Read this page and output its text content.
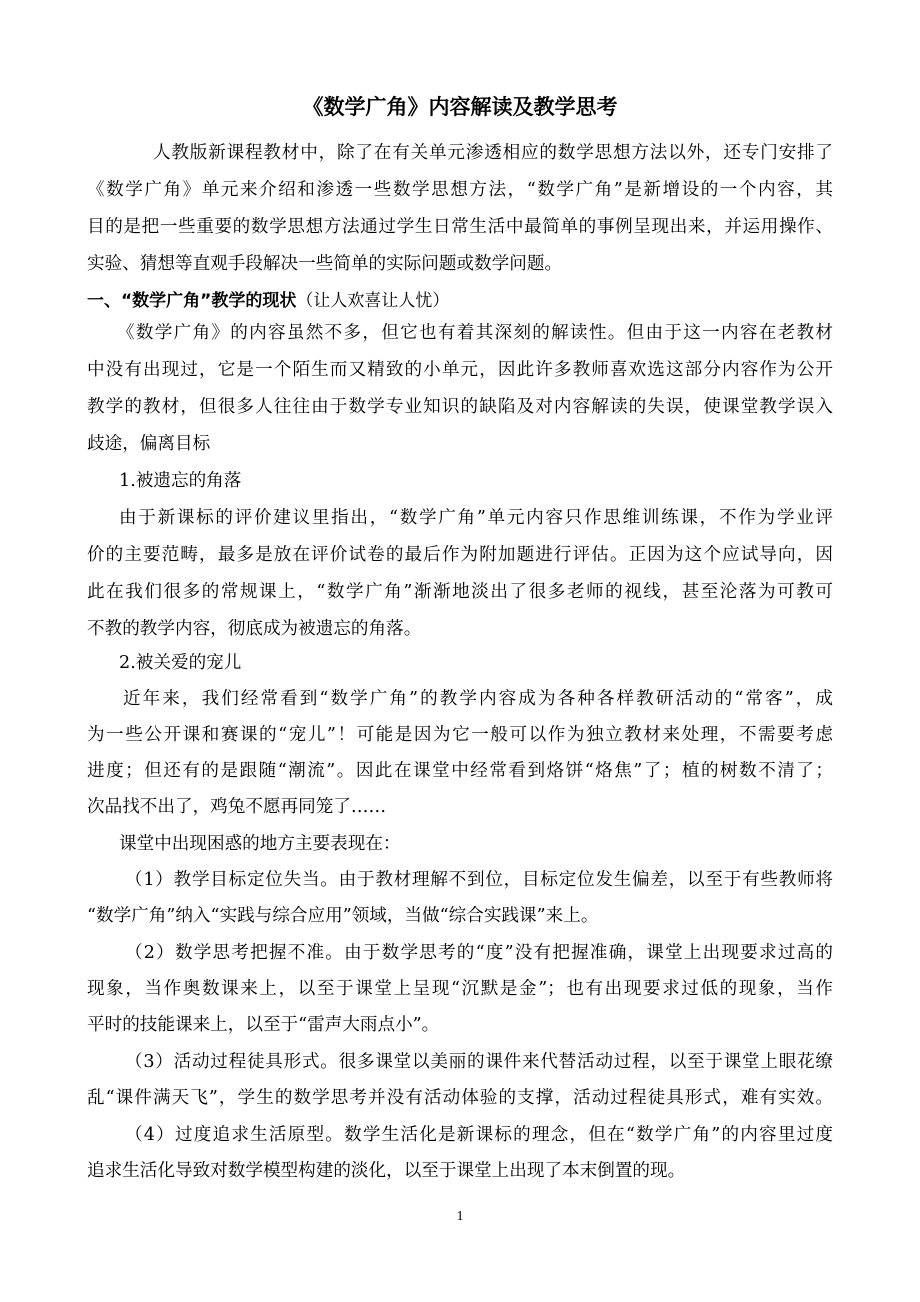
《数学广角》内容解读及教学思考

人教版新课程教材中，除了在有关单元渗透相应的数学思想方法以外，还专门安排了

《数学广角》单元来介绍和渗透一些数学思想方法，“数学广角”是新增设的一个内容，其

目的是把一些重要的数学思想方法通过学生日常生活中最简单的事例呈现出来，并运用操作、

实验、猜想等直观手段解决一些简单的实际问题或数学问题。

一、“数学广角”教学的现状（让人欢喜让人忧）

《数学广角》的内容虽然不多，但它也有着其深刻的解读性。但由于这一内容在老教材

中没有出现过，它是一个陌生而又精致的小单元，因此许多教师喜欢选这部分内容作为公开

教学的教材，但很多人往往由于数学专业知识的缺陷及对内容解读的失误，使课堂教学误入

歧途，偏离目标

1.被遗忘的角落

由于新课标的评价建议里指出，“数学广角”单元内容只作思维训练课，不作为学业评

价的主要范畴，最多是放在评价试卷的最后作为附加题进行评估。正因为这个应试导向，因

此在我们很多的常规课上，“数学广角”渐渐地淡出了很多老师的视线，甚至沦落为可教可

不教的教学内容，彻底成为被遗忘的角落。

2.被关爱的宠儿

近年来，我们经常看到“数学广角”的教学内容成为各种各样教研活动的“常客”，成

为一些公开课和赛课的“宠儿”！可能是因为它一般可以作为独立教材来处理，不需要考虑

进度；但还有的是跟随“潮流”。因此在课堂中经常看到烙饼“烙焦”了；植的树数不清了；

次品找不出了，鸡兔不愿再同笼了……

课堂中出现困惑的地方主要表现在：

（1）教学目标定位失当。由于教材理解不到位，目标定位发生偏差，以至于有些教师将

“数学广角”纳入“实践与综合应用”领域，当做“综合实践课”来上。

（2）数学思考把握不准。由于数学思考的“度”没有把握准确，课堂上出现要求过高的

现象，当作奥数课来上，以至于课堂上呈现“沉默是金”；也有出现要求过低的现象，当作

平时的技能课来上，以至于“雷声大雨点小”。

（3）活动过程徒具形式。很多课堂以美丽的课件来代替活动过程，以至于课堂上眼花缭

乱“课件满天飞”，学生的数学思考并没有活动体验的支撑，活动过程徒具形式，难有实效。

（4）过度追求生活原型。数学生活化是新课标的理念，但在“数学广角”的内容里过度

追求生活化导致对数学模型构建的淡化，以至于课堂上出现了本末倒置的现。

1
